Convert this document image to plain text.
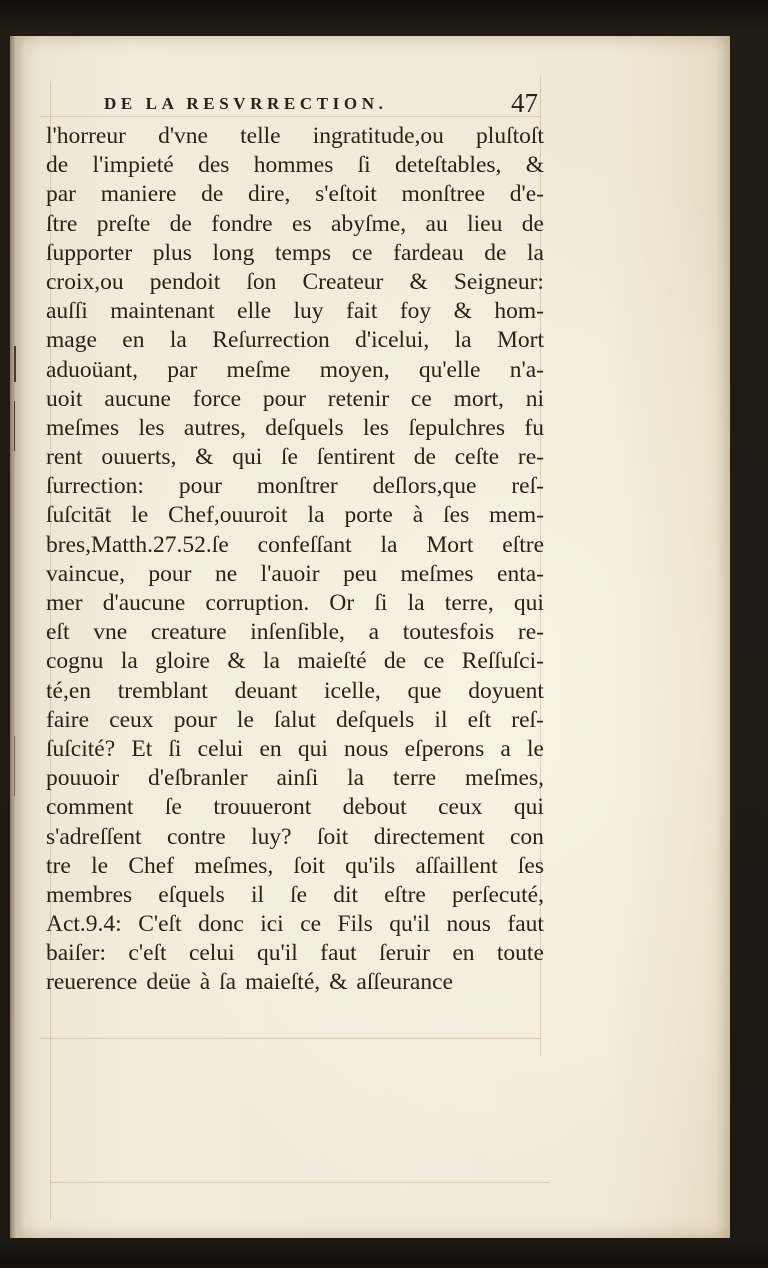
DE LA RESVRRECTION.	47
l'horreur d'vne telle ingratitude,ou pluſtoſt
de l'impieté des hommes ſi deteſtables, &
par maniere de dire, s'eſtoit monſtree d'e-
ſtre preſte de fondre es abyſme, au lieu de
ſupporter plus long temps ce fardeau de la
croix,ou pendoit ſon Createur & Seigneur:
auſſi maintenant elle luy fait foy & hom-
mage en la Reſurrection d'icelui, la Mort
aduoüant, par meſme moyen, qu'elle n'a-
uoit aucune force pour retenir ce mort, ni
meſmes les autres, deſquels les ſepulchres fu
rent ouuerts, & qui ſe ſentirent de ceſte re-
ſurrection: pour monſtrer deſlors,que reſ-
ſuſcitāt le Chef,ouuroit la porte à ſes mem-
bres,Matth.27.52.ſe confeſſant la Mort eſtre
vaincue, pour ne l'auoir peu meſmes enta-
mer d'aucune corruption. Or ſi la terre, qui
eſt vne creature inſenſible, a toutesfois re-
cognu la gloire & la maieſté de ce Reſſuſci-
té,en tremblant deuant icelle, que doyuent
faire ceux pour le ſalut deſquels il eſt reſ-
ſuſcité? Et ſi celui en qui nous eſperons a le
pouuoir d'eſbranler ainſi la terre meſmes,
comment ſe trouueront debout ceux qui
s'adreſſent contre luy? ſoit directement con
tre le Chef meſmes, ſoit qu'ils aſſaillent ſes
membres eſquels il ſe dit eſtre perſecuté,
Act.9.4: C'eſt donc ici ce Fils qu'il nous faut
baiſer: c'eſt celui qu'il faut ſeruir en toute
reuerence deüe à ſa maieſté, & aſſeurance
